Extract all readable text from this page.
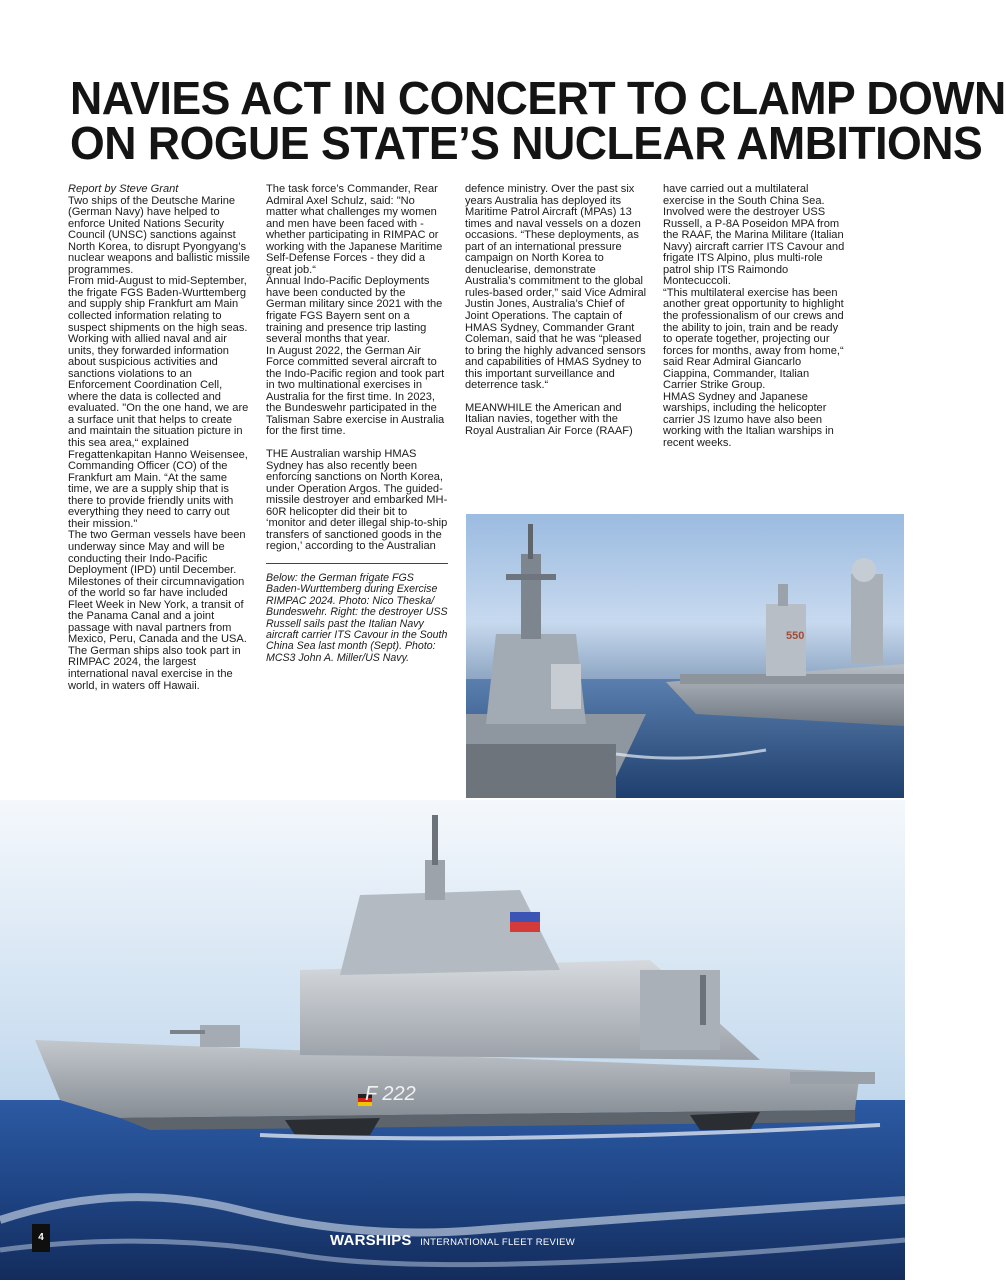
NAVIES ACT IN CONCERT TO CLAMP DOWN
ON ROGUE STATE’S NUCLEAR AMBITIONS

Report by Steve Grant

Two ships of the Deutsche Marine (German Navy) have helped to enforce United Nations Security Council (UNSC) sanctions against North Korea, to disrupt Pyongyang’s nuclear weapons and ballistic missile programmes.

From mid-August to mid-September, the frigate FGS Baden-Wurttemberg and supply ship Frankfurt am Main collected information relating to suspect shipments on the high seas. Working with allied naval and air units, they forwarded information about suspicious activities and sanctions violations to an Enforcement Coordination Cell, where the data is collected and evaluated. "On the one hand, we are a surface unit that helps to create and maintain the situation picture in this sea area,“ explained Fregattenkapitan Hanno Weisensee, Commanding Officer (CO) of the Frankfurt am Main. “At the same time, we are a supply ship that is there to provide friendly units with everything they need to carry out their mission."

The two German vessels have been underway since May and will be conducting their Indo-Pacific Deployment (IPD) until December. Milestones of their circumnavigation of the world so far have included Fleet Week in New York, a transit of the Panama Canal and a joint passage with naval partners from Mexico, Peru, Canada and the USA. The German ships also took part in RIMPAC 2024, the largest international naval exercise in the world, in waters off Hawaii.

The task force’s Commander, Rear Admiral Axel Schulz, said: "No matter what challenges my women and men have been faced with - whether participating in RIMPAC or working with the Japanese Maritime Self-Defense Forces - they did a great job.“

Annual Indo-Pacific Deployments have been conducted by the German military since 2021 with the frigate FGS Bayern sent on a training and presence trip lasting several months that year.

In August 2022, the German Air Force committed several aircraft to the Indo-Pacific region and took part in two multinational exercises in Australia for the first time. In 2023, the Bundeswehr participated in the Talisman Sabre exercise in Australia for the first time.

THE Australian warship HMAS Sydney has also recently been enforcing sanctions on North Korea, under Operation Argos. The guided-missile destroyer and embarked MH-60R helicopter did their bit to ‘monitor and deter illegal ship-to-ship transfers of sanctioned goods in the region,’ according to the Australian

Below: the German frigate FGS Baden-Wurttemberg during Exercise RIMPAC 2024. Photo: Nico Theska/ Bundeswehr. Right: the destroyer USS Russell sails past the Italian Navy aircraft carrier ITS Cavour in the South China Sea last month (Sept). Photo: MCS3 John A. Miller/US Navy.

defence ministry. Over the past six years Australia has deployed its Maritime Patrol Aircraft (MPAs) 13 times and naval vessels on a dozen occasions. “These deployments, as part of an international pressure campaign on North Korea to denuclearise, demonstrate Australia’s commitment to the global rules-based order,” said Vice Admiral Justin Jones, Australia’s Chief of Joint Operations. The captain of HMAS Sydney, Commander Grant Coleman, said that he was “pleased to bring the highly advanced sensors and capabilities of HMAS Sydney to this important surveillance and deterrence task.“

MEANWHILE the American and Italian navies, together with the Royal Australian Air Force (RAAF)

have carried out a multilateral exercise in the South China Sea. Involved were the destroyer USS Russell, a P-8A Poseidon MPA from the RAAF, the Marina Militare (Italian Navy) aircraft carrier ITS Cavour and frigate ITS Alpino, plus multi-role patrol ship ITS Raimondo Montecuccoli.

“This multilateral exercise has been another great opportunity to highlight the professionalism of our crews and the ability to join, train and be ready to operate together, projecting our forces for months, away from home,“ said Rear Admiral Giancarlo Ciappina, Commander, Italian Carrier Strike Group.

HMAS Sydney and Japanese warships, including the helicopter carrier JS Izumo have also been working with the Italian warships in recent weeks.

550
F 222
4	WARSHIPS INTERNATIONAL FLEET REVIEW
